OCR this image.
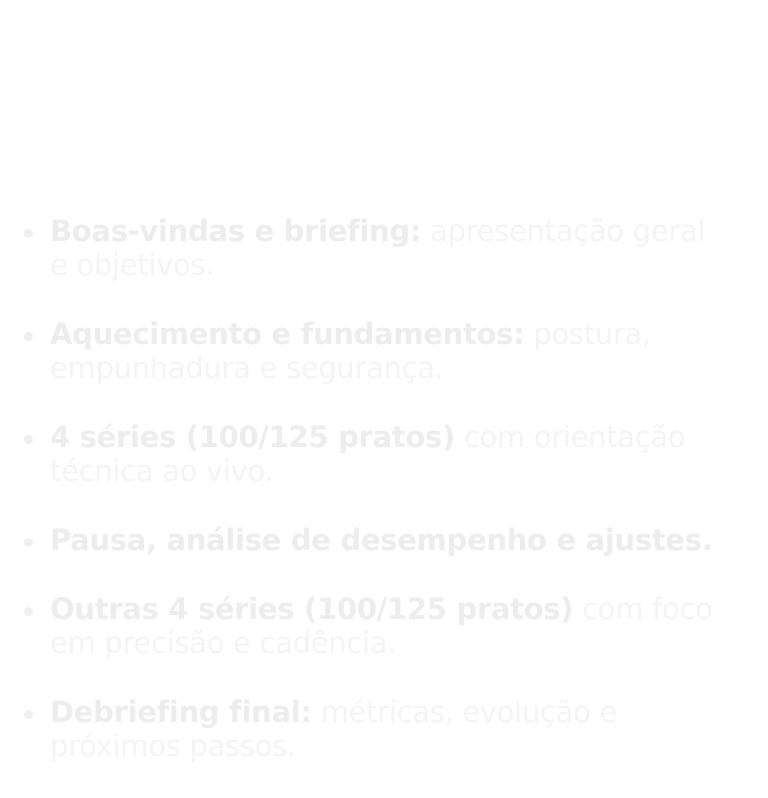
Boas-vindas e briefing: apresentação geral e objetivos.
Aquecimento e fundamentos: postura, empunhadura e segurança.
4 séries (100/125 pratos) com orientação técnica ao vivo.
Pausa, análise de desempenho e ajustes.
Outras 4 séries (100/125 pratos) com foco em precisão e cadência.
Debriefing final: métricas, evolução e próximos passos.
